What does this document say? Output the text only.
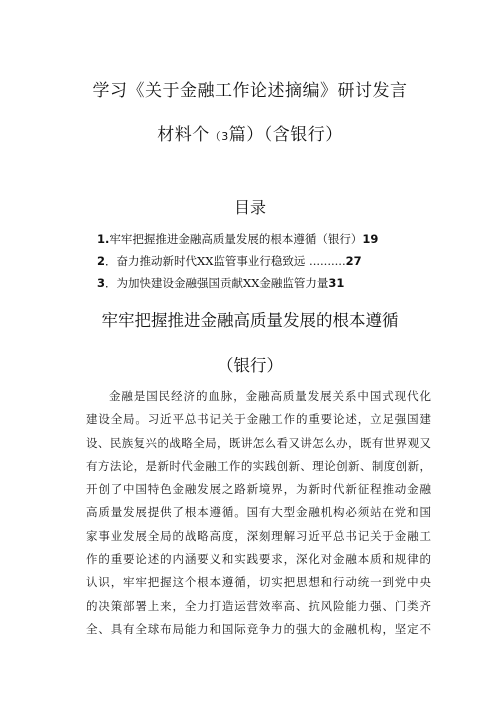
学习《关于金融工作论述摘编》研讨发言
材料个（3篇）（含银行）
目录
1.牢牢把握推进金融高质量发展的根本遵循（银行）19
2．奋力推动新时代XX监管事业行稳致远 ..........27
3．为加快建设金融强国贡献XX金融监管力量31
牢牢把握推进金融高质量发展的根本遵循
（银行）
金融是国民经济的血脉，金融高质量发展关系中国式现代化
建设全局。习近平总书记关于金融工作的重要论述，立足强国建
设、民族复兴的战略全局，既讲怎么看又讲怎么办，既有世界观又
有方法论，是新时代金融工作的实践创新、理论创新、制度创新，
开创了中国特色金融发展之路新境界，为新时代新征程推动金融
高质量发展提供了根本遵循。国有大型金融机构必须站在党和国
家事业发展全局的战略高度，深刻理解习近平总书记关于金融工
作的重要论述的内涵要义和实践要求，深化对金融本质和规律的
认识，牢牢把握这个根本遵循，切实把思想和行动统一到党中央
的决策部署上来，全力打造运营效率高、抗风险能力强、门类齐
全、具有全球布局能力和国际竞争力的强大的金融机构，坚定不
